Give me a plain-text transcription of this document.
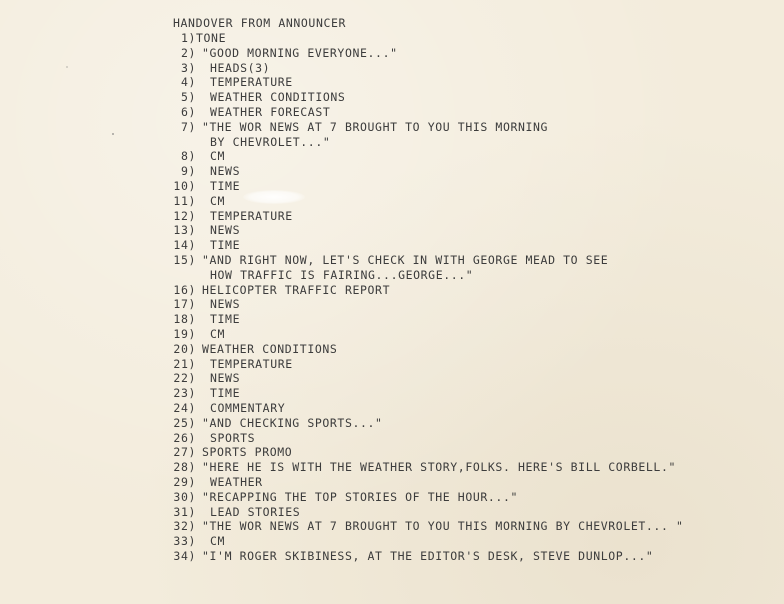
HANDOVER FROM ANNOUNCER
1)TONE
2) "GOOD MORNING EVERYONE..."
3) HEADS(3)
4) TEMPERATURE
5) WEATHER CONDITIONS
6) WEATHER FORECAST
7) "THE WOR NEWS AT 7 BROUGHT TO YOU THIS MORNING
BY CHEVROLET..."
8) CM
9) NEWS
10) TIME
11) CM
12) TEMPERATURE
13) NEWS
14) TIME
15) "AND RIGHT NOW, LET'S CHECK IN WITH GEORGE MEAD TO SEE
HOW TRAFFIC IS FAIRING...GEORGE..."
16) HELICOPTER TRAFFIC REPORT
17) NEWS
18) TIME
19) CM
20) WEATHER CONDITIONS
21) TEMPERATURE
22) NEWS
23) TIME
24) COMMENTARY
25) "AND CHECKING SPORTS..."
26) SPORTS
27) SPORTS PROMO
28) "HERE HE IS WITH THE WEATHER STORY,FOLKS. HERE'S BILL CORBELL."
29) WEATHER
30) "RECAPPING THE TOP STORIES OF THE HOUR..."
31) LEAD STORIES
32) "THE WOR NEWS AT 7 BROUGHT TO YOU THIS MORNING BY CHEVROLET... "
33) CM
34) "I'M ROGER SKIBINESS, AT THE EDITOR'S DESK, STEVE DUNLOP..."
